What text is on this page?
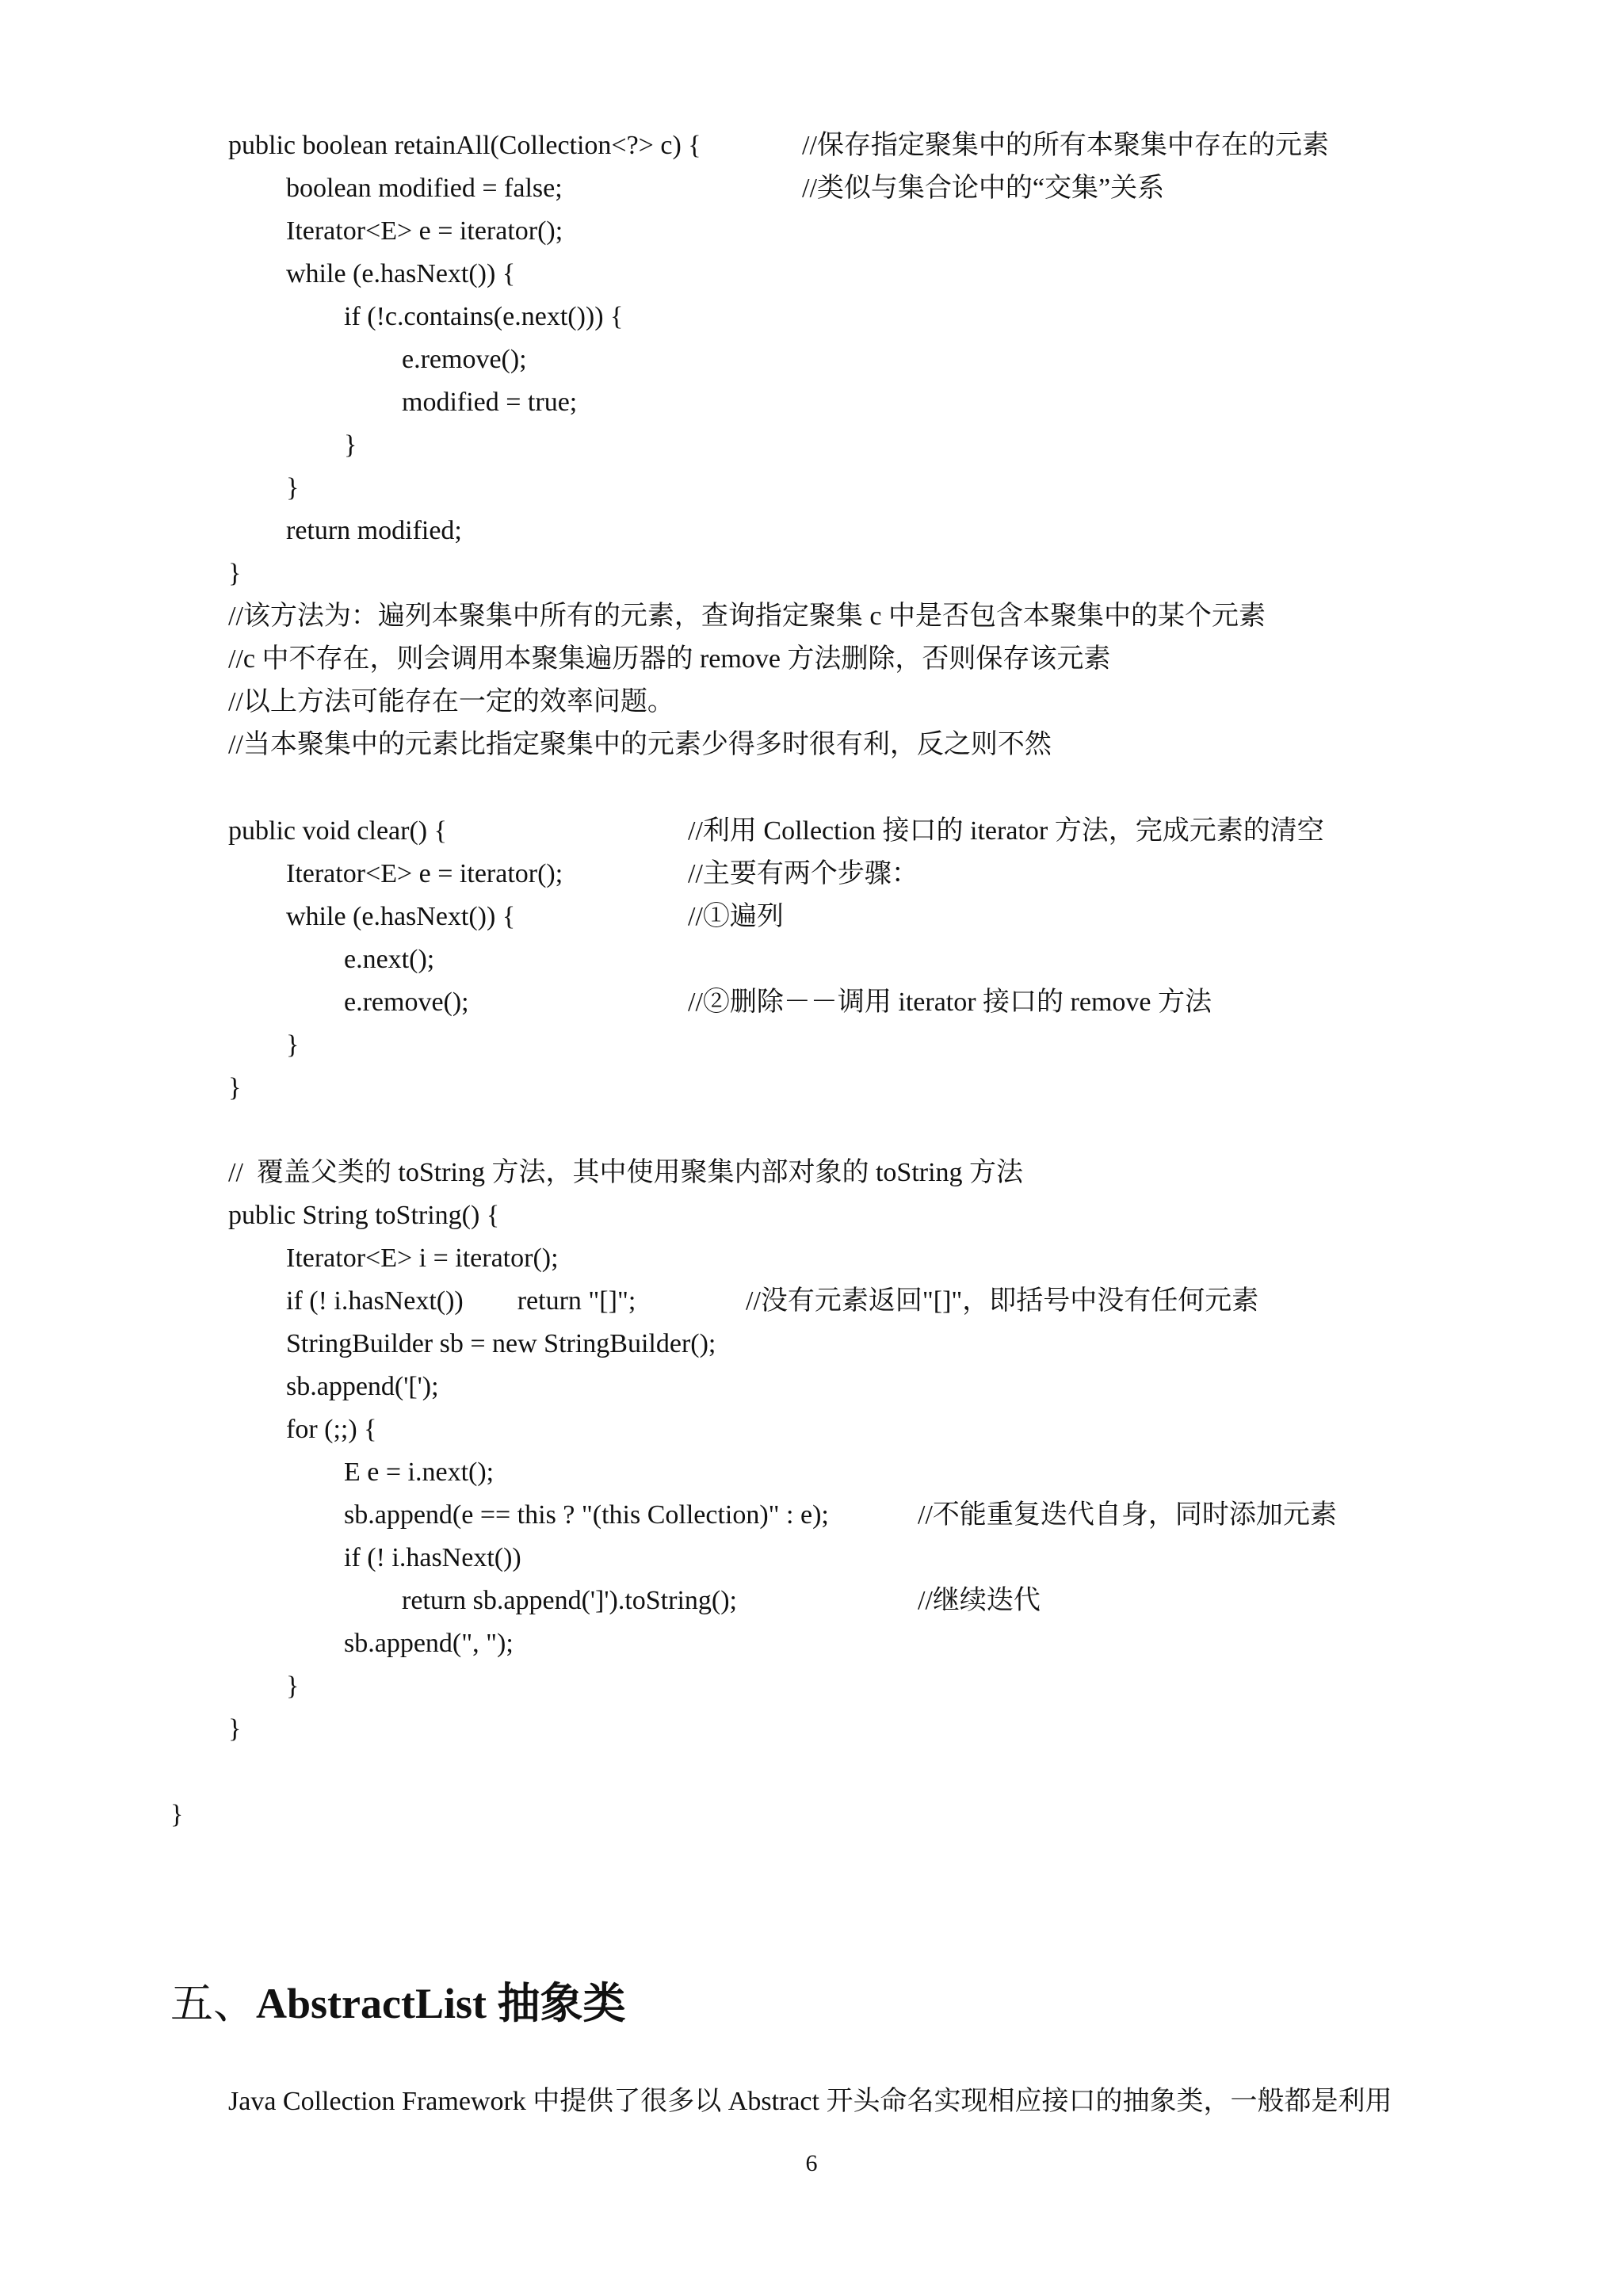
public boolean retainAll(Collection<?> c) {
boolean modified = false;
Iterator<E> e = iterator();
while (e.hasNext()) {
if (!c.contains(e.next())) {
e.remove();
modified = true;
}
}
return modified;
}
//保存指定聚集中的所有本聚集中存在的元素
//类似与集合论中的“交集”关系
//该方法为：遍列本聚集中所有的元素，查询指定聚集 c 中是否包含本聚集中的某个元素
//c 中不存在，则会调用本聚集遍历器的 remove 方法删除，否则保存该元素
//以上方法可能存在一定的效率问题。
//当本聚集中的元素比指定聚集中的元素少得多时很有利，反之则不然
public void clear() {
Iterator<E> e = iterator();
while (e.hasNext()) {
e.next();
e.remove();
}
}
//利用 Collection 接口的 iterator 方法，完成元素的清空
//主要有两个步骤：
//①遍列
//②删除－－调用 iterator 接口的 remove 方法
//  覆盖父类的 toString 方法，其中使用聚集内部对象的 toString 方法
public String toString() {
Iterator<E> i = iterator();
if (! i.hasNext())        return "[]";
StringBuilder sb = new StringBuilder();
sb.append('[');
for (;;) {
E e = i.next();
sb.append(e == this ? "(this Collection)" : e);
if (! i.hasNext())
return sb.append(']').toString();
sb.append(", ");
}
}
//没有元素返回"[]"，即括号中没有任何元素
//不能重复迭代自身，同时添加元素
//继续迭代
}
五、AbstractList 抽象类
Java Collection Framework 中提供了很多以 Abstract 开头命名实现相应接口的抽象类，一般都是利用
6
